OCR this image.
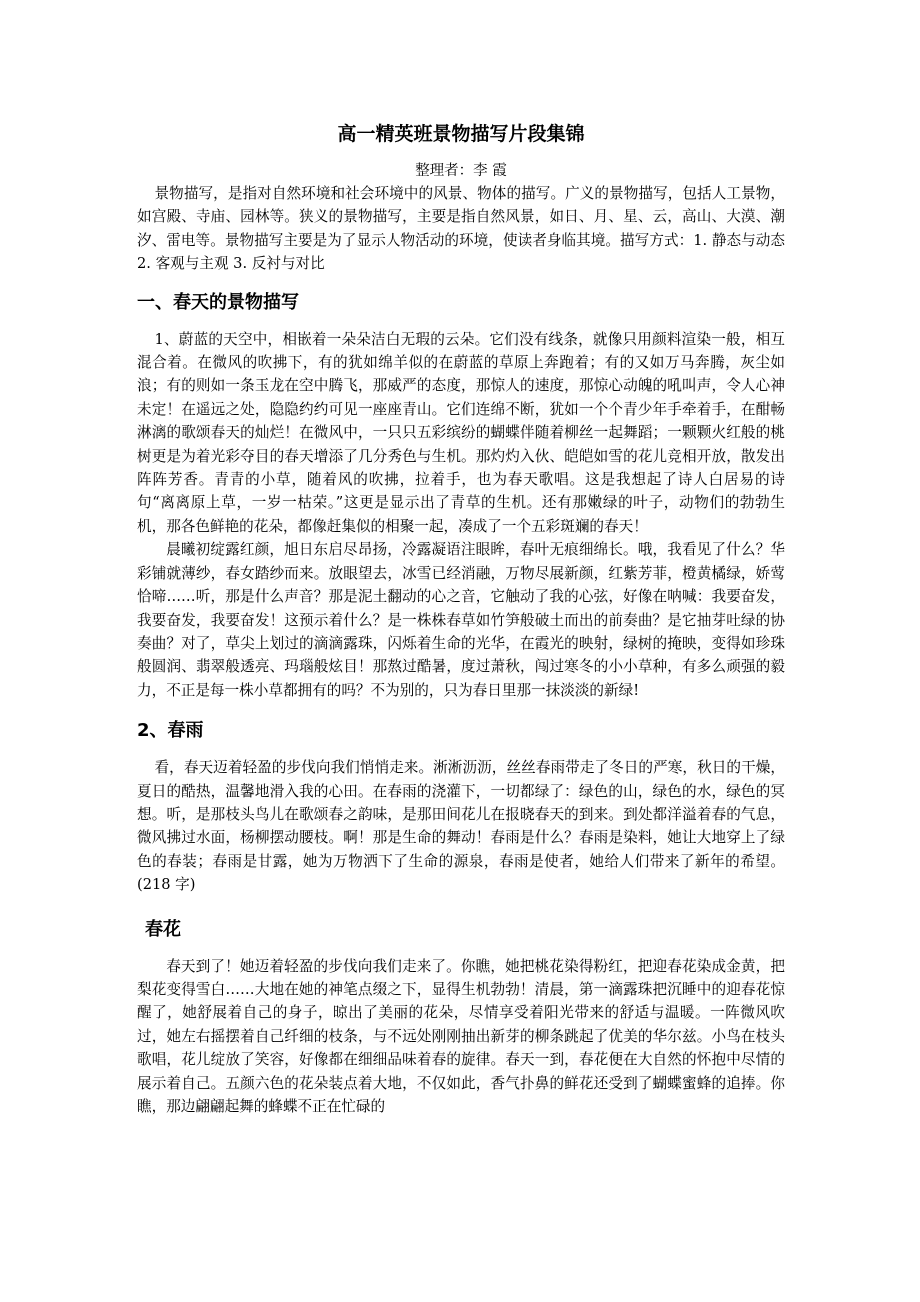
高一精英班景物描写片段集锦
整理者：李 霞

景物描写，是指对自然环境和社会环境中的风景、物体的描写。广义的景物描写，包括人工景物，如宫殿、寺庙、园林等。狭义的景物描写，主要是指自然风景，如日、月、星、云，高山、大漠、潮汐、雷电等。景物描写主要是为了显示人物活动的环境，使读者身临其境。描写方式：1. 静态与动态 2. 客观与主观 3. 反衬与对比

一、春天的景物描写

1、蔚蓝的天空中，相嵌着一朵朵洁白无瑕的云朵。它们没有线条，就像只用颜料渲染一般，相互混合着。在微风的吹拂下，有的犹如绵羊似的在蔚蓝的草原上奔跑着；有的又如万马奔腾，灰尘如浪；有的则如一条玉龙在空中腾飞，那威严的态度，那惊人的速度，那惊心动魄的吼叫声，令人心神未定！在遥远之处，隐隐约约可见一座座青山。它们连绵不断，犹如一个个青少年手牵着手，在酣畅淋漓的歌颂春天的灿烂！在微风中，一只只五彩缤纷的蝴蝶伴随着柳丝一起舞蹈；一颗颗火红般的桃树更是为着光彩夺目的春天增添了几分秀色与生机。那灼灼入伙、皑皑如雪的花儿竞相开放，散发出阵阵芳香。青青的小草，随着风的吹拂，拉着手，也为春天歌唱。这是我想起了诗人白居易的诗句“离离原上草，一岁一枯荣。”这更是显示出了青草的生机。还有那嫩绿的叶子，动物们的勃勃生机，那各色鲜艳的花朵，都像赶集似的相聚一起，凑成了一个五彩斑斓的春天！

晨曦初绽露红颜，旭日东启尽昂扬，冷露凝语注眼眸，春叶无痕细绵长。哦，我看见了什么？华彩铺就薄纱，春女踏纱而来。放眼望去，冰雪已经消融，万物尽展新颜，红紫芳菲，橙黄橘绿，娇莺恰啼……听，那是什么声音？那是泥土翻动的心之音，它触动了我的心弦，好像在呐喊：我要奋发，我要奋发，我要奋发！这预示着什么？是一株株春草如竹笋般破土而出的前奏曲？是它抽芽吐绿的协奏曲？对了，草尖上划过的滴滴露珠，闪烁着生命的光华，在霞光的映射，绿树的掩映，变得如珍珠般圆润、翡翠般透亮、玛瑙般炫目！那熬过酷暑，度过萧秋，闯过寒冬的小小草种，有多么顽强的毅力，不正是每一株小草都拥有的吗？不为别的，只为春日里那一抹淡淡的新绿!

2、春雨

看，春天迈着轻盈的步伐向我们悄悄走来。淅淅沥沥，丝丝春雨带走了冬日的严寒，秋日的干燥，夏日的酷热，温馨地滑入我的心田。在春雨的浇灌下，一切都绿了：绿色的山，绿色的水，绿色的冥想。听，是那枝头鸟儿在歌颂春之韵味，是那田间花儿在报晓春天的到来。到处都洋溢着春的气息，微风拂过水面，杨柳摆动腰枝。啊！那是生命的舞动！春雨是什么？春雨是染料，她让大地穿上了绿色的春装；春雨是甘露，她为万物洒下了生命的源泉，春雨是使者，她给人们带来了新年的希望。(218 字)

春花

春天到了！她迈着轻盈的步伐向我们走来了。你瞧，她把桃花染得粉红，把迎春花染成金黄，把梨花变得雪白……大地在她的神笔点缀之下，显得生机勃勃！清晨，第一滴露珠把沉睡中的迎春花惊醒了，她舒展着自己的身子，晾出了美丽的花朵，尽情享受着阳光带来的舒适与温暖。一阵微风吹过，她左右摇摆着自己纤细的枝条，与不远处刚刚抽出新芽的柳条跳起了优美的华尔兹。小鸟在枝头歌唱，花儿绽放了笑容，好像都在细细品味着春的旋律。春天一到，春花便在大自然的怀抱中尽情的展示着自己。五颜六色的花朵装点着大地，不仅如此，香气扑鼻的鲜花还受到了蝴蝶蜜蜂的追捧。你瞧，那边翩翩起舞的蜂蝶不正在忙碌的
